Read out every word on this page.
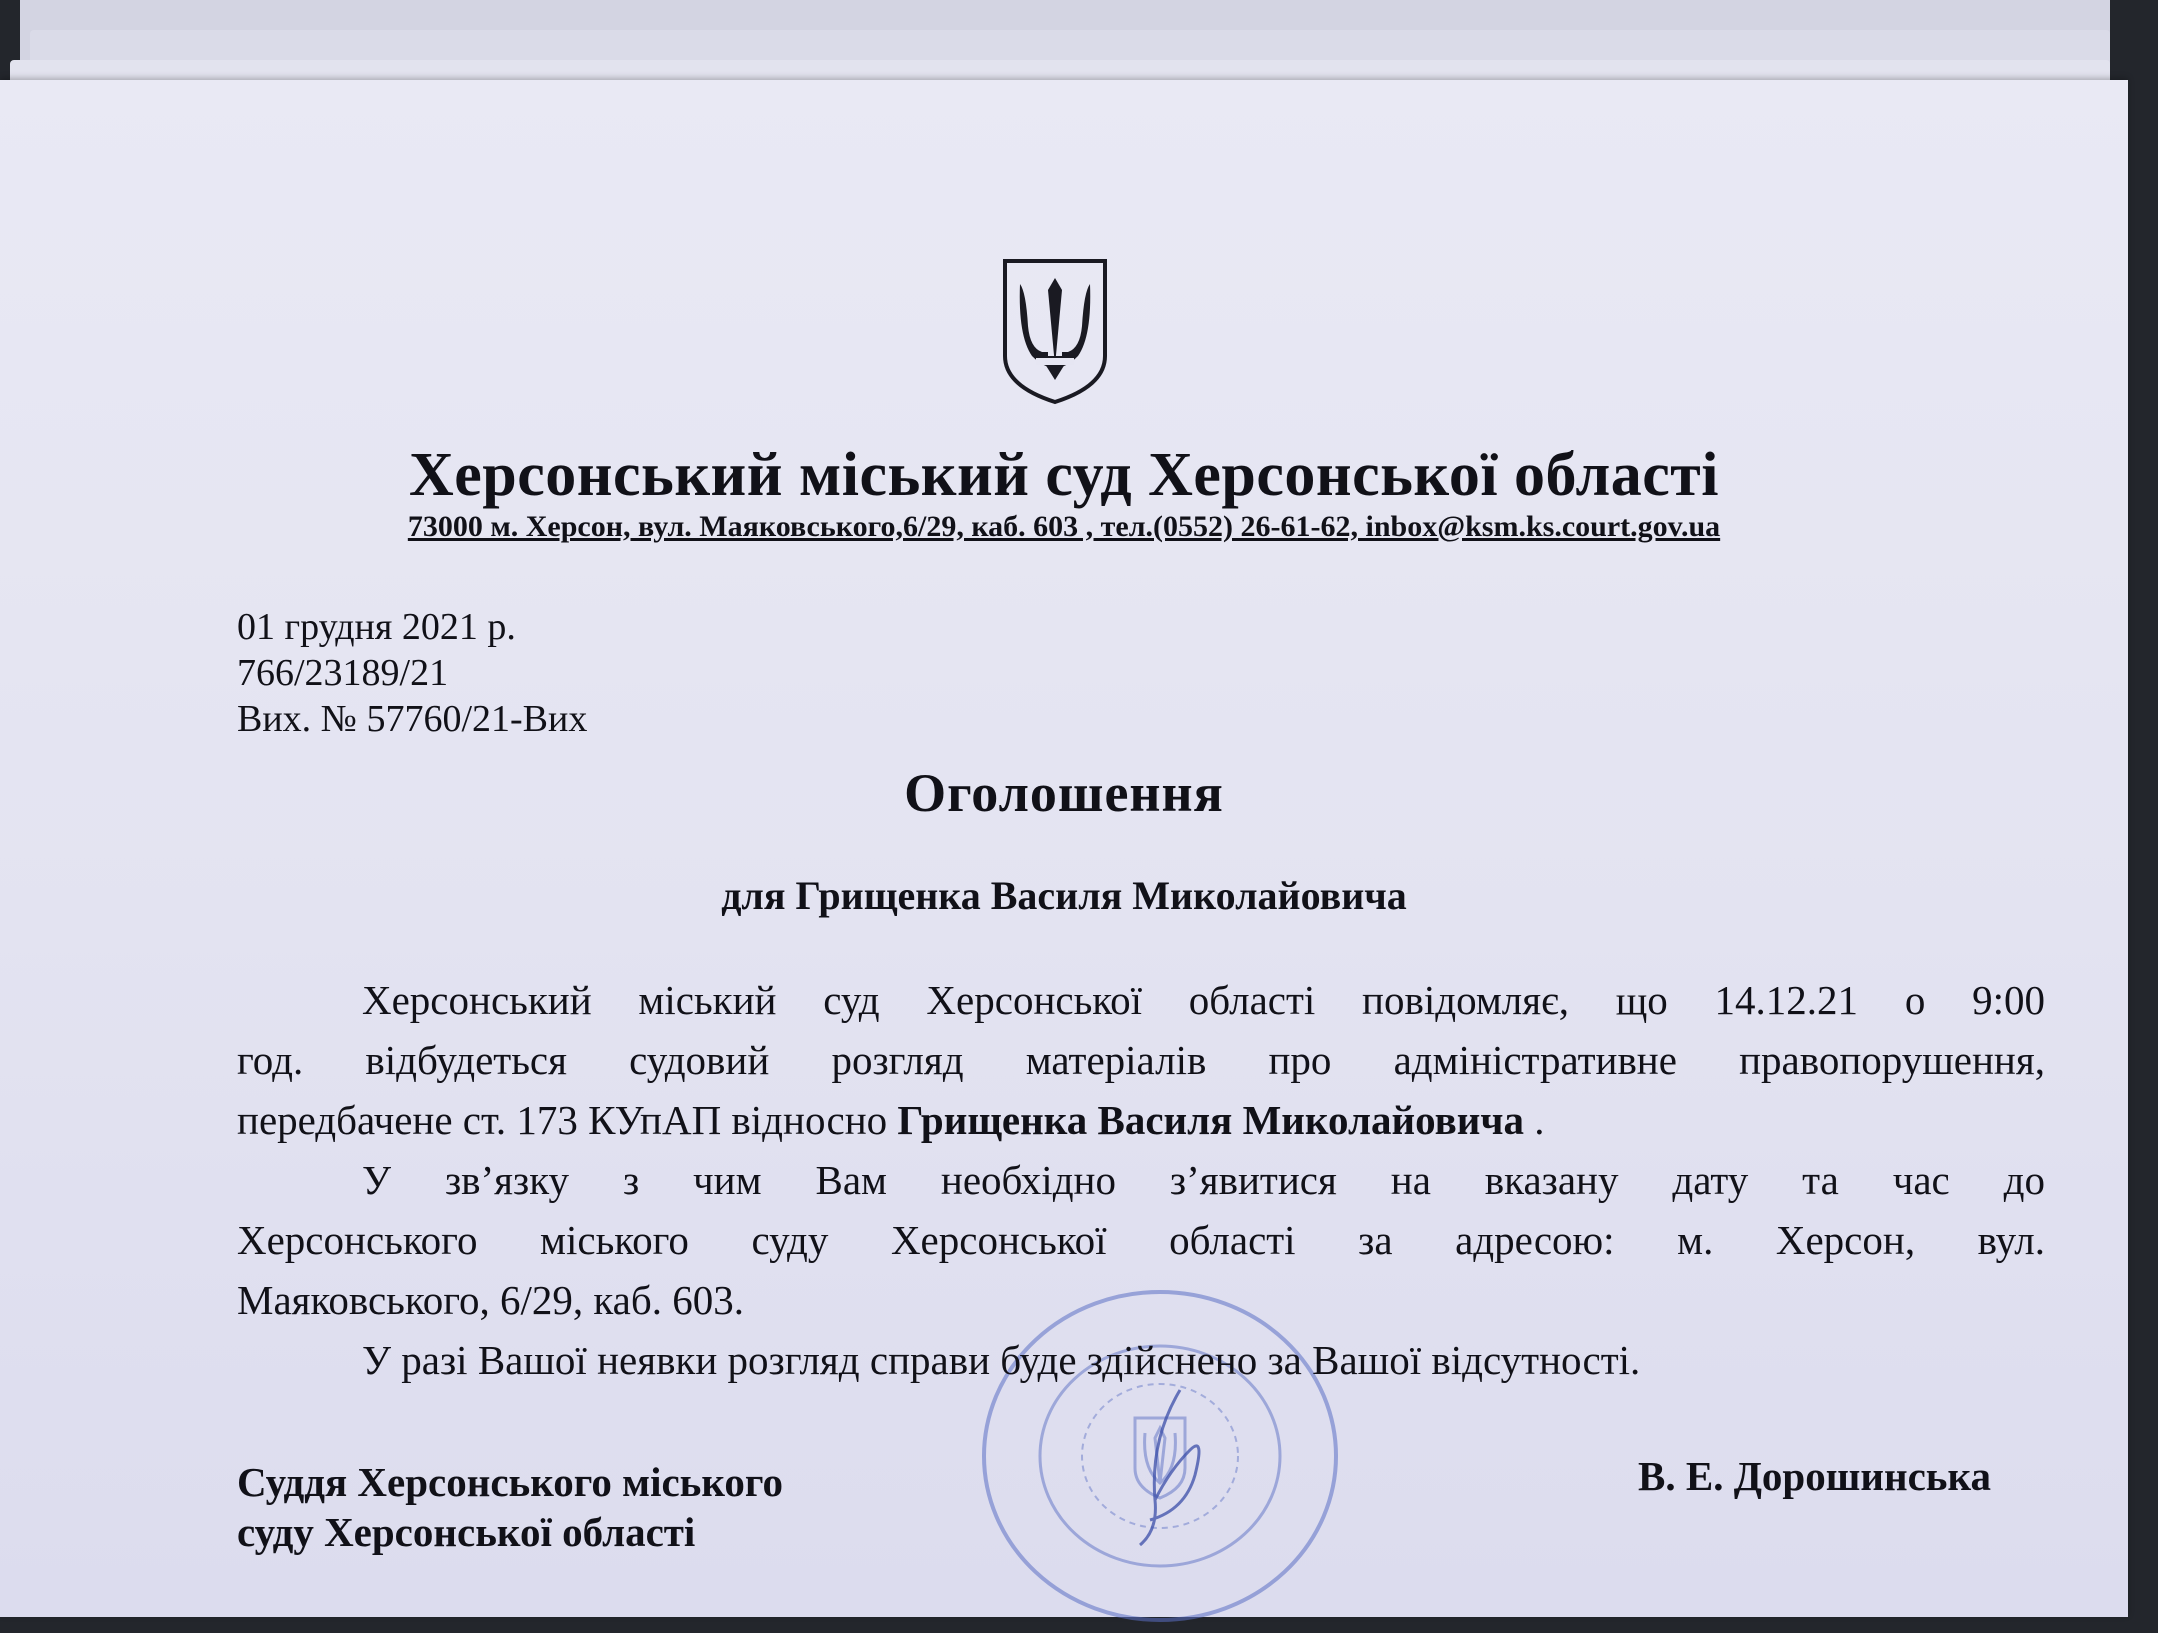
Херсонський міський суд Херсонської області
73000 м. Херсон, вул. Маяковського,6/29, каб. 603 , тел.(0552) 26-61-62, inbox@ksm.ks.court.gov.ua
01 грудня 2021 р.
766/23189/21
Вих. № 57760/21-Вих
Оголошення
для Грищенка Василя Миколайовича
Херсонський міський суд Херсонської області повідомляє, що 14.12.21 о 9:00
год. відбудеться судовий розгляд матеріалів про адміністративне правопорушення,
передбачене ст. 173 КУпАП відносно Грищенка Василя Миколайовича .
У зв’язку з чим Вам необхідно з’явитися на вказану дату та час до
Херсонського міського суду Херсонської області за адресою: м. Херсон, вул.
Маяковського, 6/29, каб. 603.
У разі Вашої неявки розгляд справи буде здійснено за Вашої відсутності.
Суддя Херсонського міського
суду Херсонської області
В. Е. Дорошинська
